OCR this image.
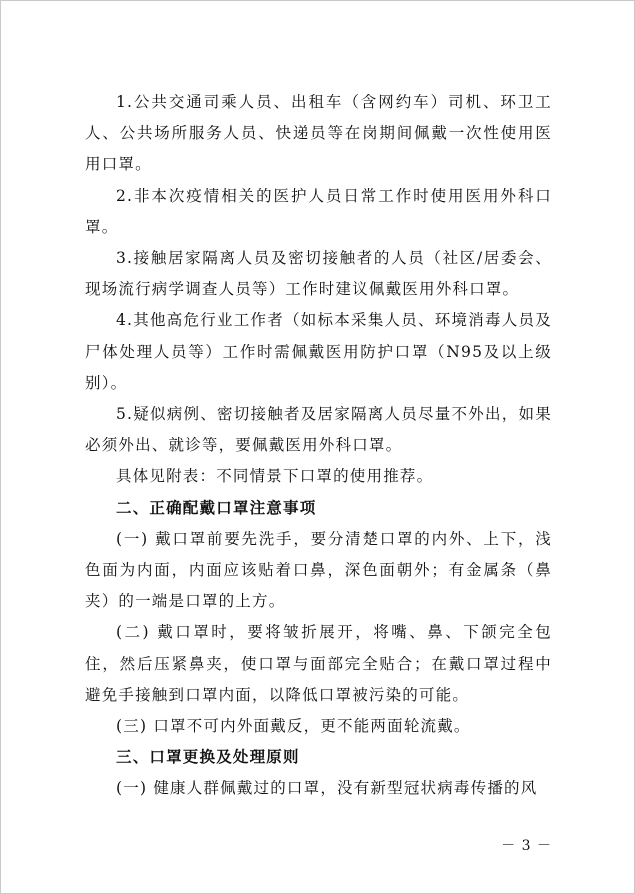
1.公共交通司乘人员、出租车（含网约车）司机、环卫工人、公共场所服务人员、快递员等在岗期间佩戴一次性使用医用口罩。

2.非本次疫情相关的医护人员日常工作时使用医用外科口罩。

3.接触居家隔离人员及密切接触者的人员（社区/居委会、现场流行病学调查人员等）工作时建议佩戴医用外科口罩。

4.其他高危行业工作者（如标本采集人员、环境消毒人员及尸体处理人员等）工作时需佩戴医用防护口罩（N95及以上级别）。

5.疑似病例、密切接触者及居家隔离人员尽量不外出，如果必须外出、就诊等，要佩戴医用外科口罩。

具体见附表：不同情景下口罩的使用推荐。

二、正确配戴口罩注意事项

(一) 戴口罩前要先洗手，要分清楚口罩的内外、上下，浅色面为内面，内面应该贴着口鼻，深色面朝外；有金属条（鼻夹）的一端是口罩的上方。

(二) 戴口罩时，要将皱折展开，将嘴、鼻、下颌完全包住，然后压紧鼻夹，使口罩与面部完全贴合；在戴口罩过程中避免手接触到口罩内面，以降低口罩被污染的可能。

(三) 口罩不可内外面戴反，更不能两面轮流戴。

三、口罩更换及处理原则

(一) 健康人群佩戴过的口罩，没有新型冠状病毒传播的风

－ 3 －
